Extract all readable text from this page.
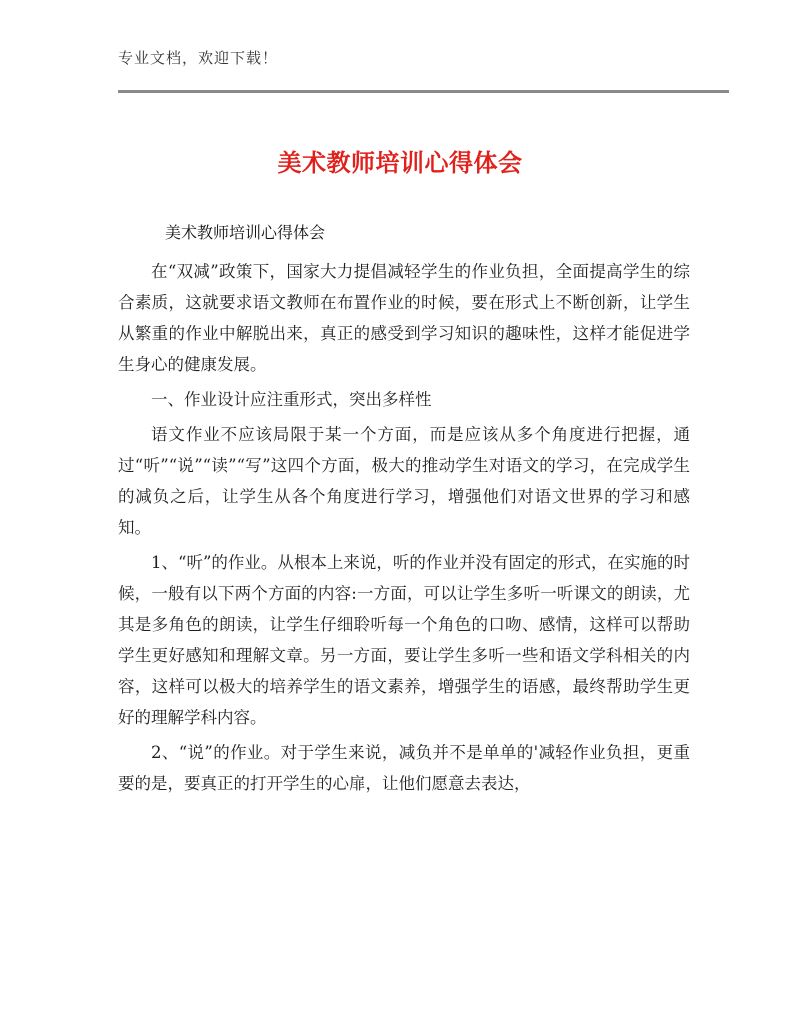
专业文档，欢迎下载！
美术教师培训心得体会
美术教师培训心得体会

在“双减”政策下，国家大力提倡减轻学生的作业负担，全面提高学生的综合素质，这就要求语文教师在布置作业的时候，要在形式上不断创新，让学生从繁重的作业中解脱出来，真正的感受到学习知识的趣味性，这样才能促进学生身心的健康发展。

一、作业设计应注重形式，突出多样性

语文作业不应该局限于某一个方面，而是应该从多个角度进行把握，通过“听”“说”“读”“写”这四个方面，极大的推动学生对语文的学习，在完成学生的减负之后，让学生从各个角度进行学习，增强他们对语文世界的学习和感知。

1、“听”的作业。从根本上来说，听的作业并没有固定的形式，在实施的时候，一般有以下两个方面的内容:一方面，可以让学生多听一听课文的朗读，尤其是多角色的朗读，让学生仔细聆听每一个角色的口吻、感情，这样可以帮助学生更好感知和理解文章。另一方面，要让学生多听一些和语文学科相关的内容，这样可以极大的培养学生的语文素养，增强学生的语感，最终帮助学生更好的理解学科内容。

2、“说”的作业。对于学生来说，减负并不是单单的'减轻作业负担，更重要的是，要真正的打开学生的心扉，让他们愿意去表达，
